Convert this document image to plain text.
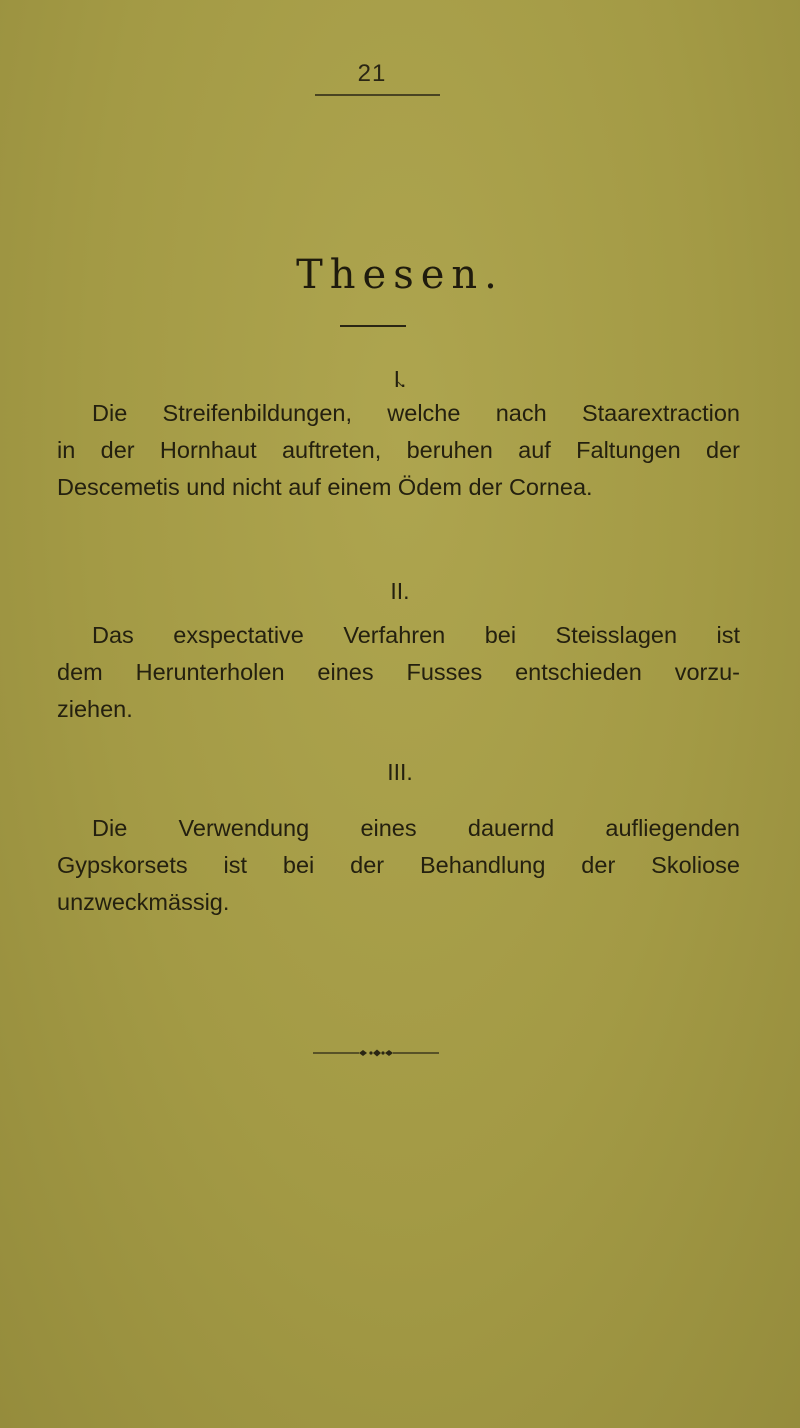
21
Thesen.
I.
Die Streifenbildungen, welche nach Staarextraction
in der Hornhaut auftreten, beruhen auf Faltungen der
Descemetis und nicht auf einem Ödem der Cornea.
II.
Das exspectative Verfahren bei Steisslagen ist
dem Herunterholen eines Fusses entschieden vorzu-
ziehen.
III.
Die Verwendung eines dauernd aufliegenden
Gypskorsets ist bei der Behandlung der Skoliose
unzweckmässig.
